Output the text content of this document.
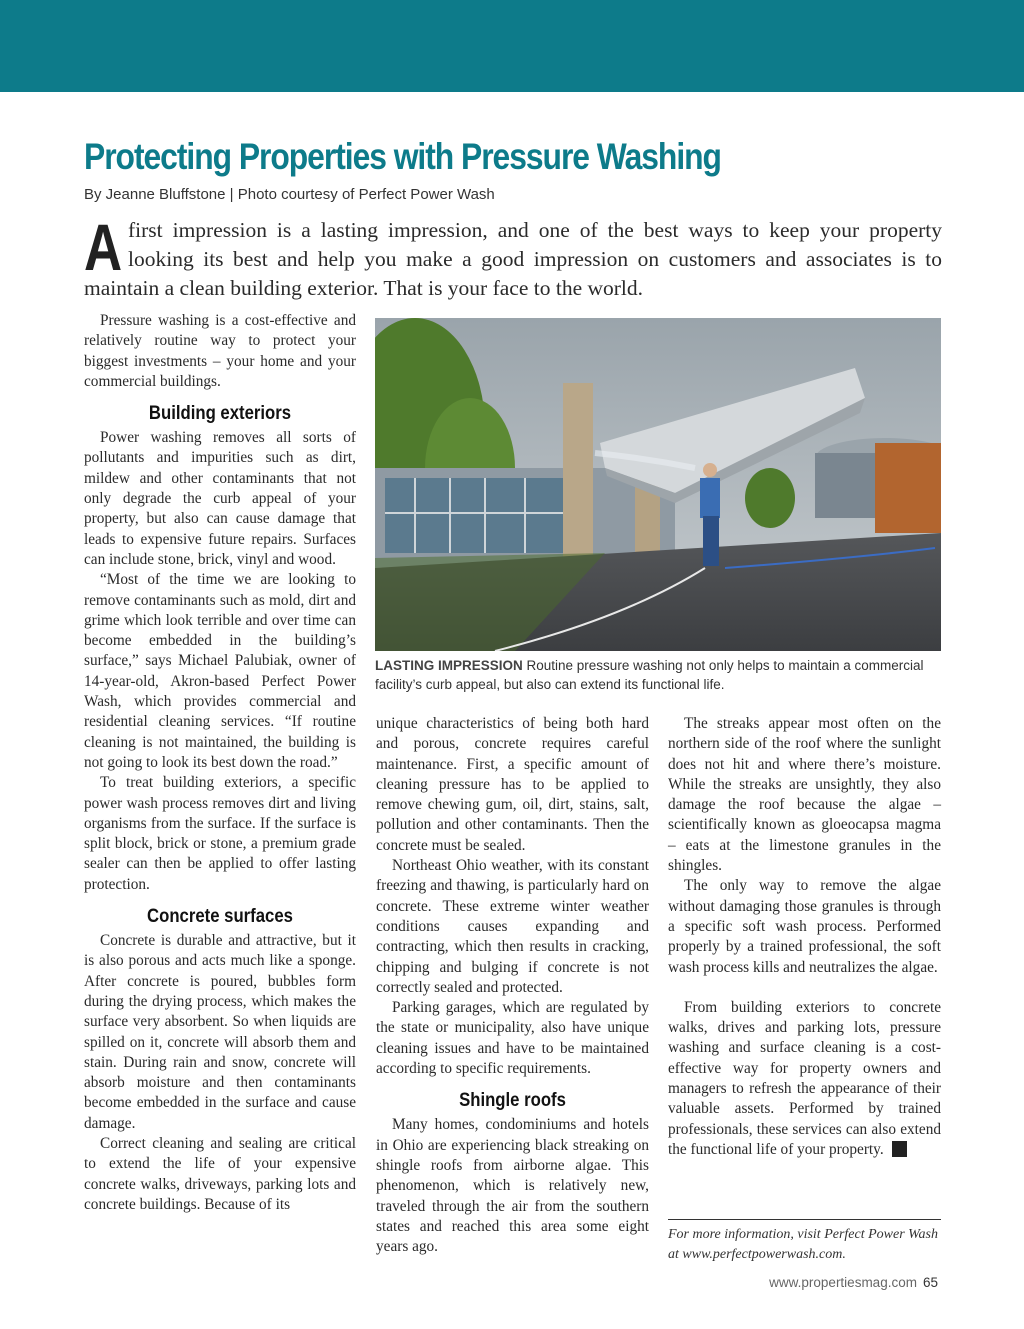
Protecting Properties with Pressure Washing
By Jeanne Bluffstone | Photo courtesy of Perfect Power Wash

Afirst impression is a lasting impression, and one of the best ways to keep your property looking its best and help you make a good impression on customers and associates is to maintain a clean building exterior. That is your face to the world.

Pressure washing is a cost-effective and relatively routine way to protect your biggest investments – your home and your commercial buildings.

Building exteriors

Power washing removes all sorts of pollutants and impurities such as dirt, mildew and other contaminants that not only degrade the curb appeal of your property, but also can cause damage that leads to expensive future repairs. Surfaces can include stone, brick, vinyl and wood.

“Most of the time we are looking to remove contaminants such as mold, dirt and grime which look terrible and over time can become embedded in the building’s surface,” says Michael Palubiak, owner of 14-year-old, Akron-based Perfect Power Wash, which provides commercial and residential cleaning services. “If routine cleaning is not maintained, the building is not going to look its best down the road.”

To treat building exteriors, a specific power wash process removes dirt and living organisms from the surface. If the surface is split block, brick or stone, a premium grade sealer can then be applied to offer lasting protection.

Concrete surfaces

Concrete is durable and attractive, but it is also porous and acts much like a sponge. After concrete is poured, bubbles form during the drying process, which makes the surface very absorbent. So when liquids are spilled on it, concrete will absorb them and stain. During rain and snow, concrete will absorb moisture and then contaminants become embedded in the surface and cause damage.

Correct cleaning and sealing are critical to extend the life of your expensive concrete walks, driveways, parking lots and concrete buildings. Because of its

LASTING IMPRESSION Routine pressure washing not only helps to maintain a commercial facility’s curb appeal, but also can extend its functional life.

unique characteristics of being both hard and porous, concrete requires careful maintenance. First, a specific amount of cleaning pressure has to be applied to remove chewing gum, oil, dirt, stains, salt, pollution and other contaminants. Then the concrete must be sealed.

Northeast Ohio weather, with its constant freezing and thawing, is particularly hard on concrete. These extreme winter weather conditions causes expanding and contracting, which then results in cracking, chipping and bulging if concrete is not correctly sealed and protected.

Parking garages, which are regulated by the state or municipality, also have unique cleaning issues and have to be maintained according to specific requirements.

Shingle roofs

Many homes, condominiums and hotels in Ohio are experiencing black streaking on shingle roofs from airborne algae. This phenomenon, which is relatively new, traveled through the air from the southern states and reached this area some eight years ago.

The streaks appear most often on the northern side of the roof where the sunlight does not hit and where there’s moisture. While the streaks are unsightly, they also damage the roof because the algae – scientifically known as gloeocapsa magma – eats at the limestone granules in the shingles.

The only way to remove the algae without damaging those granules is through a specific soft wash process. Performed properly by a trained professional, the soft wash process kills and neutralizes the algae.

From building exteriors to concrete walks, drives and parking lots, pressure washing and surface cleaning is a cost-effective way for property owners and managers to refresh the appearance of their valuable assets. Performed by trained professionals, these services can also extend the functional life of your property. P

For more information, visit Perfect Power Wash at www.perfectpowerwash.com.
www.propertiesmag.com 65
